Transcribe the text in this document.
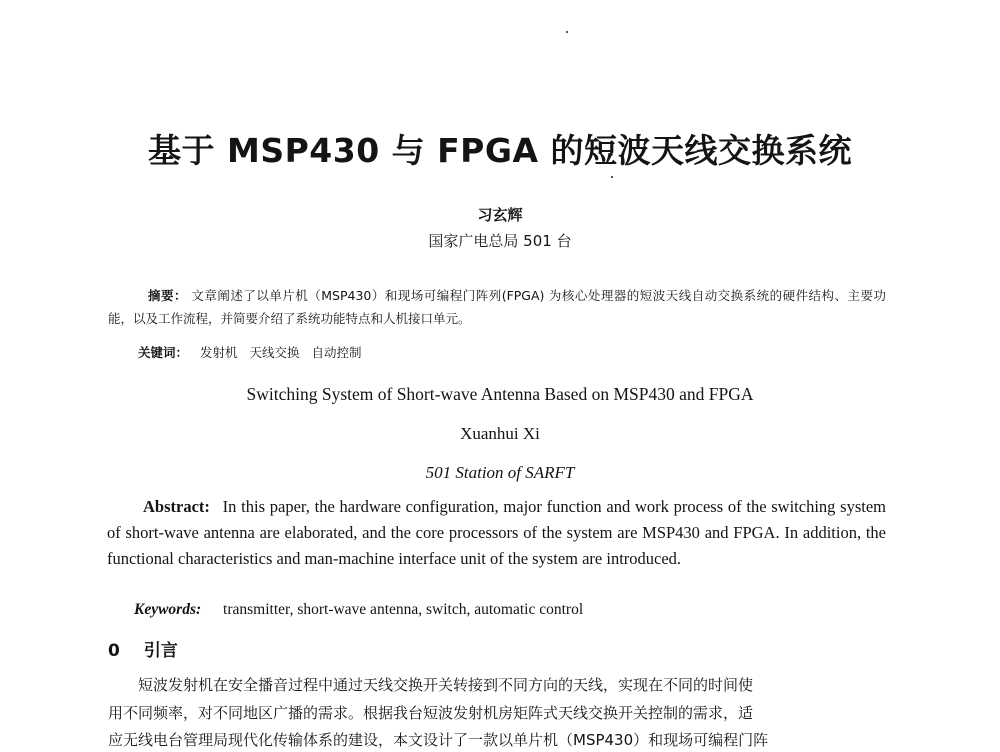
基于 MSP430 与 FPGA 的短波天线交换系统
习玄辉
国家广电总局 501 台
摘要： 文章阐述了以单片机（MSP430）和现场可编程门阵列(FPGA) 为核心处理器的短波天线自动交换系统的硬件结构、主要功能，以及工作流程，并简要介绍了系统功能特点和人机接口单元。
关键词： 发射机 天线交换 自动控制
Switching System of Short-wave Antenna Based on MSP430 and FPGA
Xuanhui Xi
501 Station of SARFT
Abstract: In this paper, the hardware configuration, major function and work process of the switching system of short-wave antenna are elaborated, and the core processors of the system are MSP430 and FPGA. In addition, the functional characteristics and man-machine interface unit of the system are introduced.
Keywords: transmitter, short-wave antenna, switch, automatic control
0 引言
短波发射机在安全播音过程中通过天线交换开关转接到不同方向的天线，实现在不同的时间使
用不同频率，对不同地区广播的需求。根据我台短波发射机房矩阵式天线交换开关控制的需求，适
应无线电台管理局现代化传输体系的建设，本文设计了一款以单片机（MSP430）和现场可编程门阵
